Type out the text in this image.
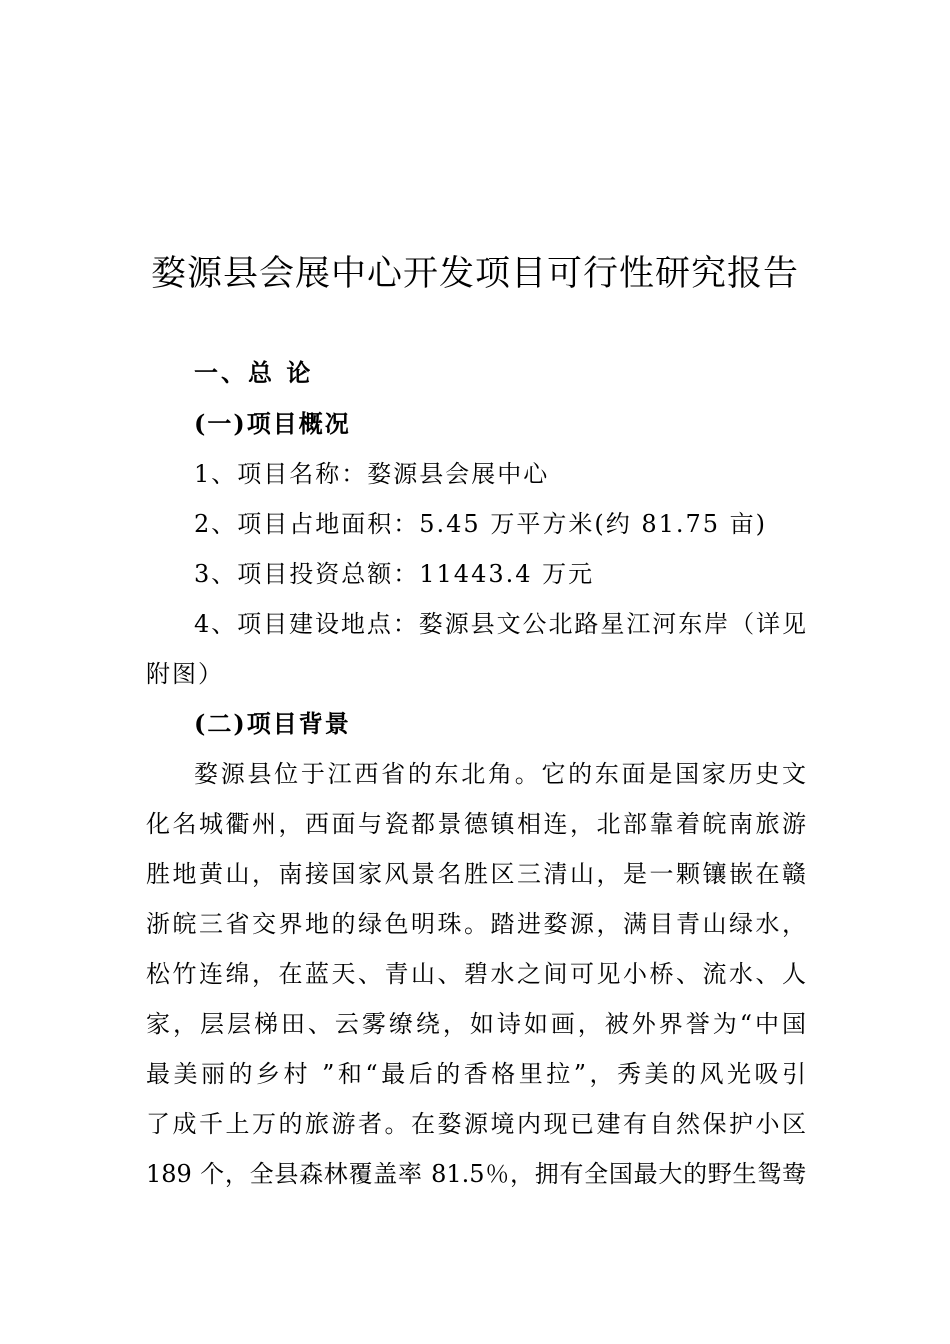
婺源县会展中心开发项目可行性研究报告
一、总 论
(一)项目概况
1、项目名称：婺源县会展中心
2、项目占地面积：5.45 万平方米(约 81.75 亩)
3、项目投资总额：11443.4 万元
4、项目建设地点：婺源县文公北路星江河东岸（详见
附图）
(二)项目背景
婺源县位于江西省的东北角。它的东面是国家历史文
化名城衢州，西面与瓷都景德镇相连，北部靠着皖南旅游
胜地黄山，南接国家风景名胜区三清山，是一颗镶嵌在赣
浙皖三省交界地的绿色明珠。踏进婺源，满目青山绿水，
松竹连绵，在蓝天、青山、碧水之间可见小桥、流水、人
家，层层梯田、云雾缭绕，如诗如画，被外界誉为“中国
最美丽的乡村 ”和“最后的香格里拉”，秀美的风光吸引
了成千上万的旅游者。在婺源境内现已建有自然保护小区
189 个，全县森林覆盖率 81.5％，拥有全国最大的野生鸳鸯
